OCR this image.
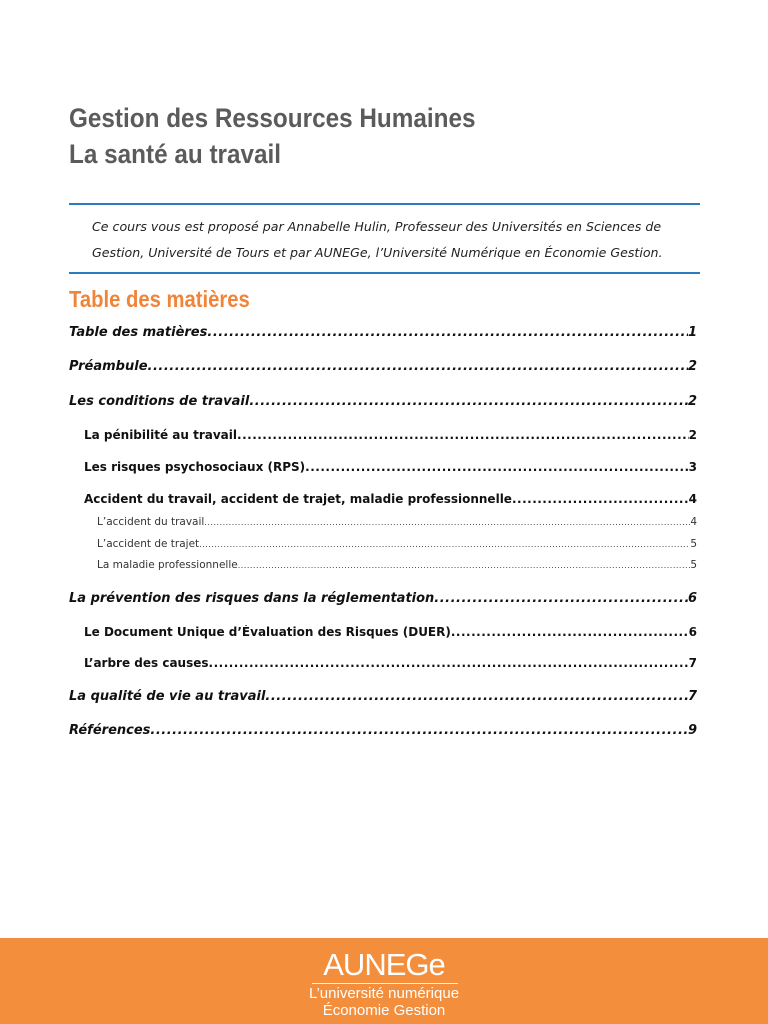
Gestion des Ressources Humaines
La santé au travail

Ce cours vous est proposé par Annabelle Hulin, Professeur des Universités en Sciences de Gestion, Université de Tours et par AUNEGe, l’Université Numérique en Économie Gestion.

Table des matières
Table des matières .....	1
Préambule .....	2
Les conditions de travail .....	2
La pénibilité au travail .....	2
Les risques psychosociaux (RPS) .....	3
Accident du travail, accident de trajet, maladie professionnelle .....	4
L’accident du travail .....	4
L’accident de trajet .....	5
La maladie professionnelle .....	5
La prévention des risques dans la réglementation .....	6
Le Document Unique d’Évaluation des Risques (DUER) .....	6
L’arbre des causes .....	7
La qualité de vie au travail .....	7
Références .....	9
AUNEGe
L’université numérique
Économie Gestion
